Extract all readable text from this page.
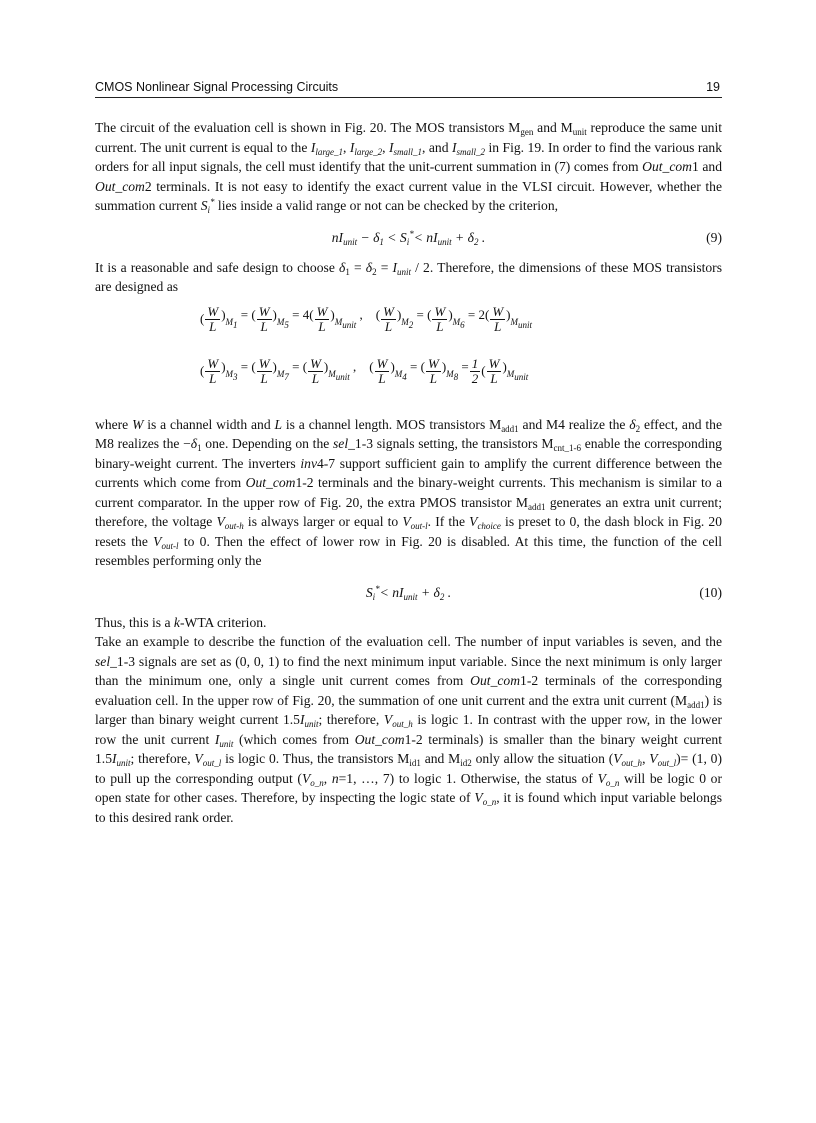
CMOS Nonlinear Signal Processing Circuits	19

The circuit of the evaluation cell is shown in Fig. 20. The MOS transistors $M_{gen}$ and $M_{unit}$ reproduce the same unit current. The unit current is equal to the $I_{large\_1}$, $I_{large\_2}$, $I_{small\_1}$, and $I_{small\_2}$ in Fig. 19. In order to find the various rank orders for all input signals, the cell must identify that the unit-current summation in (7) comes from Out_com1 and Out_com2 terminals. It is not easy to identify the exact current value in the VLSI circuit. However, whether the summation current $S_i^*$ lies inside a valid range or not can be checked by the criterion,

$nI_{unit} - \delta_1 < S_i^*< nI_{unit} + \delta_2$ .	(9)

It is a reasonable and safe design to choose $\delta_1 = \delta_2 = I_{unit} / 2$. Therefore, the dimensions of these MOS transistors are designed as

( $\frac{W}{L} )_{M_1}$ = ( $\frac{W}{L} )_{M_5} = 4( \frac{W}{L} )_{M_{unit}}$ ,    ( $\frac{W}{L} )_{M_2}$ = ( $\frac{W}{L} )_{M_6} = 2( \frac{W}{L} )_{M_{unit}}$
( $\frac{W}{L} )_{M_3}$ = ( $\frac{W}{L} )_{M_7}$ = ( $\frac{W}{L} )_{M_{unit}}$ ,    ( $\frac{W}{L} )_{M_4}$ = ( $\frac{W}{L} )_{M_8} = \frac{1}{2}$ ( $\frac{W}{L} )_{M_{unit}}$

where W is a channel width and L is a channel length. MOS transistors $M_{add1}$ and M4 realize the $\delta_2$ effect, and the M8 realizes the $-\delta_1$ one. Depending on the sel_1-3 signals setting, the transistors $M_{cnt\_1-6}$ enable the corresponding binary-weight current. The inverters inv4-7 support sufficient gain to amplify the current difference between the currents which come from Out_com1-2 terminals and the binary-weight currents. This mechanism is similar to a current comparator. In the upper row of Fig. 20, the extra PMOS transistor $M_{add1}$ generates an extra unit current; therefore, the voltage $V_{out-h}$ is always larger or equal to $V_{out-l}$. If the $V_{choice}$ is preset to 0, the dash block in Fig. 20 resets the $V_{out-l}$ to 0. Then the effect of lower row in Fig. 20 is disabled. At this time, the function of the cell resembles performing only the

$S_i^*< nI_{unit} + \delta_2$ .	(10)

Thus, this is a k-WTA criterion.

Take an example to describe the function of the evaluation cell. The number of input variables is seven, and the sel_1-3 signals are set as (0, 0, 1) to find the next minimum input variable. Since the next minimum is only larger than the minimum one, only a single unit current comes from Out_com1-2 terminals of the corresponding evaluation cell. In the upper row of Fig. 20, the summation of one unit current and the extra unit current $(M_{add1})$ is larger than binary weight current $1.5I_{unit}$; therefore, $V_{out\_h}$ is logic 1. In contrast with the upper row, in the lower row the unit current $I_{unit}$ (which comes from Out_com1-2 terminals) is smaller than the binary weight current $1.5I_{unit}$; therefore, $V_{out\_l}$ is logic 0. Thus, the transistors $M_{id1}$ and $M_{id2}$ only allow the situation ($V_{out\_h}$, $V_{out\_l})= (1$, 0) to pull up the corresponding output ($V_{o\_n}$, n=1, …, 7) to logic 1. Otherwise, the status of $V_{o\_n}$ will be logic 0 or open state for other cases. Therefore, by inspecting the logic state of $V_{o\_n}$, it is found which input variable belongs to this desired rank order.
